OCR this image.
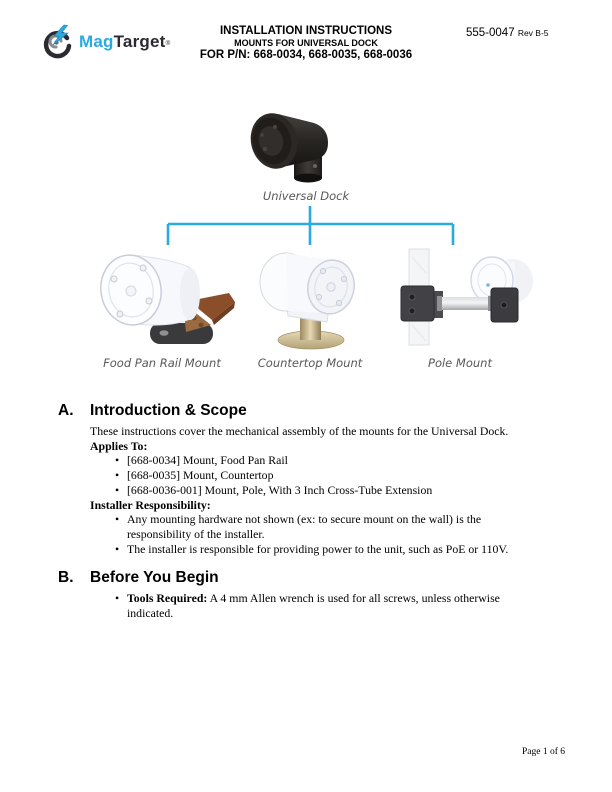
MagTarget®
INSTALLATION INSTRUCTIONS
MOUNTS FOR UNIVERSAL DOCK
FOR P/N: 668-0034, 668-0035, 668-0036
555-0047 Rev B-5
Universal Dock
Food Pan Rail Mount	Countertop Mount	Pole Mount
A.	Introduction & Scope

These instructions cover the mechanical assembly of the mounts for the Universal Dock.

Applies To:

• [668-0034] Mount, Food Pan Rail
• [668-0035] Mount, Countertop
• [668-0036-001] Mount, Pole, With 3 Inch Cross-Tube Extension

Installer Responsibility:

• Any mounting hardware not shown (ex: to secure mount on the wall) is the responsibility of the installer.
• The installer is responsible for providing power to the unit, such as PoE or 110V.
B.	Before You Begin
• Tools Required: A 4 mm Allen wrench is used for all screws, unless otherwise indicated.
Page 1 of 6
